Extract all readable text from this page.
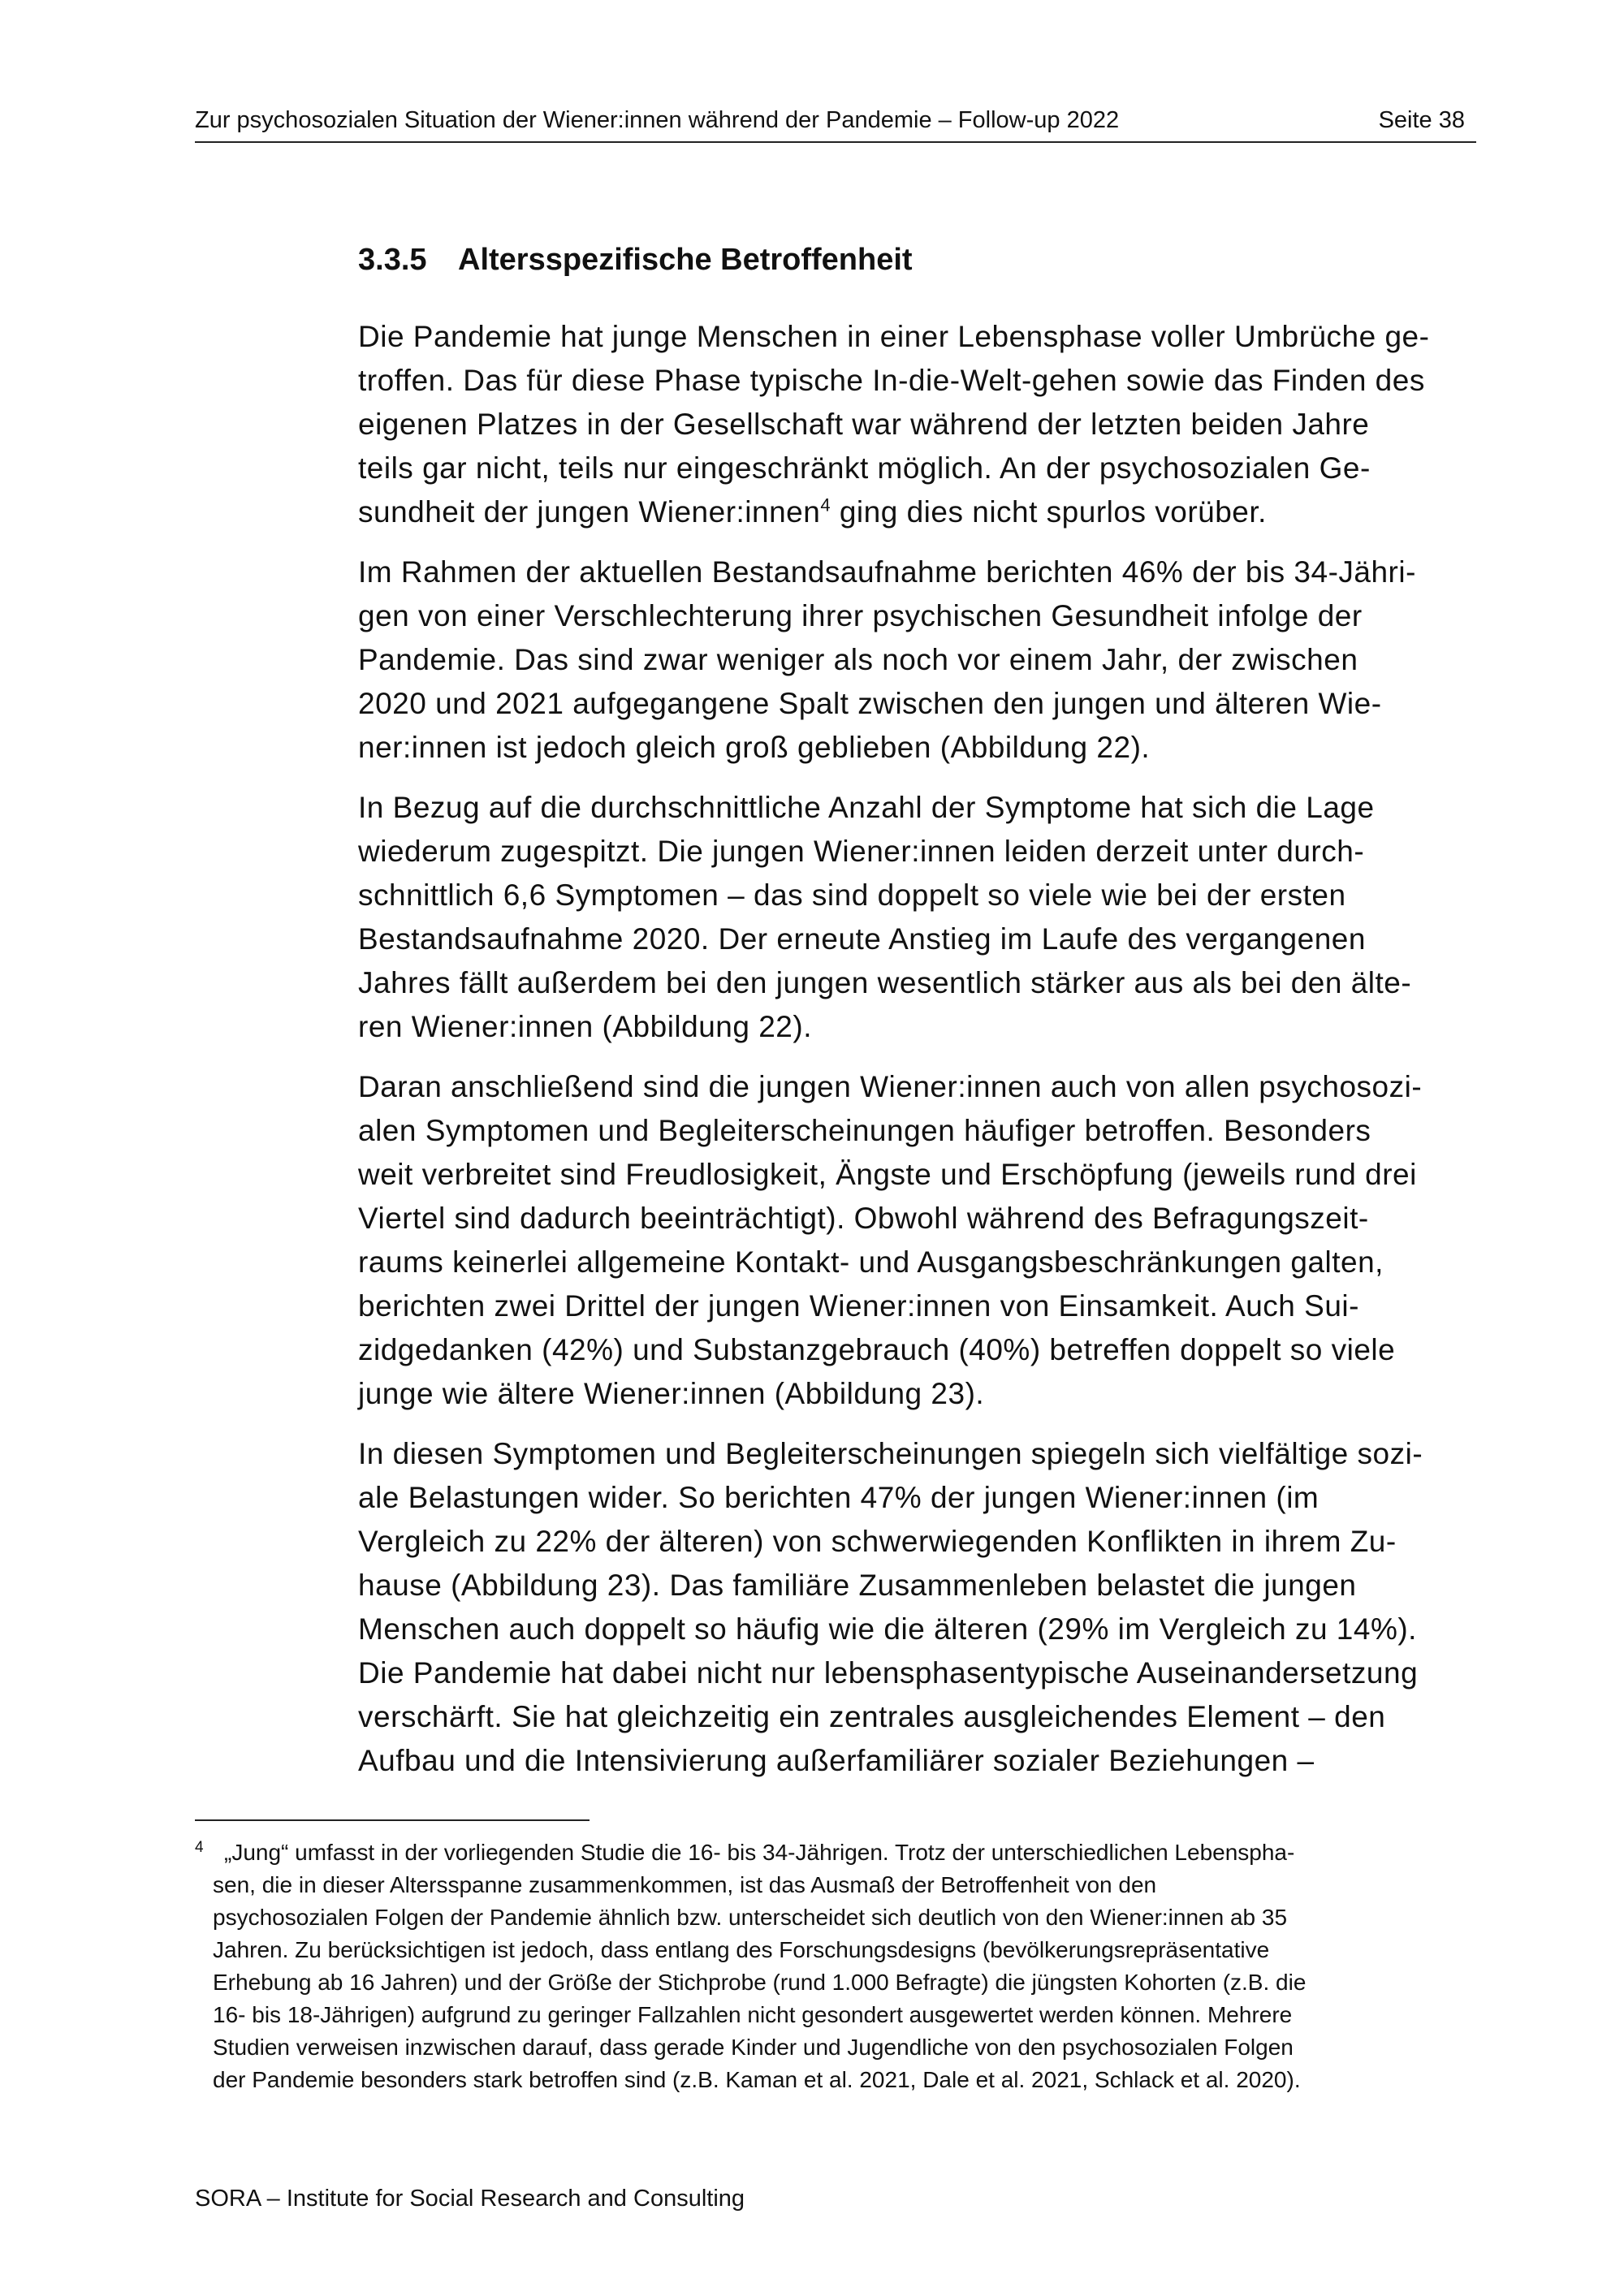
Zur psychosozialen Situation der Wiener:innen während der Pandemie – Follow-up 2022	Seite 38
3.3.5 Altersspezifische Betroffenheit

Die Pandemie hat junge Menschen in einer Lebensphase voller Umbrüche ge-
troffen. Das für diese Phase typische In-die-Welt-gehen sowie das Finden des
eigenen Platzes in der Gesellschaft war während der letzten beiden Jahre
teils gar nicht, teils nur eingeschränkt möglich. An der psychosozialen Ge-
sundheit der jungen Wiener:innen$^4$ ging dies nicht spurlos vorüber.

Im Rahmen der aktuellen Bestandsaufnahme berichten 46% der bis 34-Jähri-
gen von einer Verschlechterung ihrer psychischen Gesundheit infolge der
Pandemie. Das sind zwar weniger als noch vor einem Jahr, der zwischen
2020 und 2021 aufgegangene Spalt zwischen den jungen und älteren Wie-
ner:innen ist jedoch gleich groß geblieben (Abbildung 22).

In Bezug auf die durchschnittliche Anzahl der Symptome hat sich die Lage
wiederum zugespitzt. Die jungen Wiener:innen leiden derzeit unter durch-
schnittlich 6,6 Symptomen – das sind doppelt so viele wie bei der ersten
Bestandsaufnahme 2020. Der erneute Anstieg im Laufe des vergangenen
Jahres fällt außerdem bei den jungen wesentlich stärker aus als bei den älte-
ren Wiener:innen (Abbildung 22).

Daran anschließend sind die jungen Wiener:innen auch von allen psychosozi-
alen Symptomen und Begleiterscheinungen häufiger betroffen. Besonders
weit verbreitet sind Freudlosigkeit, Ängste und Erschöpfung (jeweils rund drei
Viertel sind dadurch beeinträchtigt). Obwohl während des Befragungszeit-
raums keinerlei allgemeine Kontakt- und Ausgangsbeschränkungen galten,
berichten zwei Drittel der jungen Wiener:innen von Einsamkeit. Auch Sui-
zidgedanken (42%) und Substanzgebrauch (40%) betreffen doppelt so viele
junge wie ältere Wiener:innen (Abbildung 23).

In diesen Symptomen und Begleiterscheinungen spiegeln sich vielfältige sozi-
ale Belastungen wider. So berichten 47% der jungen Wiener:innen (im
Vergleich zu 22% der älteren) von schwerwiegenden Konflikten in ihrem Zu-
hause (Abbildung 23). Das familiäre Zusammenleben belastet die jungen
Menschen auch doppelt so häufig wie die älteren (29% im Vergleich zu 14%).
Die Pandemie hat dabei nicht nur lebensphasentypische Auseinandersetzung
verschärft. Sie hat gleichzeitig ein zentrales ausgleichendes Element – den
Aufbau und die Intensivierung außerfamiliärer sozialer Beziehungen –

4 „Jung“ umfasst in der vorliegenden Studie die 16- bis 34-Jährigen. Trotz der unterschiedlichen Lebenspha-
sen, die in dieser Altersspanne zusammenkommen, ist das Ausmaß der Betroffenheit von den
psychosozialen Folgen der Pandemie ähnlich bzw. unterscheidet sich deutlich von den Wiener:innen ab 35
Jahren. Zu berücksichtigen ist jedoch, dass entlang des Forschungsdesigns (bevölkerungsrepräsentative
Erhebung ab 16 Jahren) und der Größe der Stichprobe (rund 1.000 Befragte) die jüngsten Kohorten (z.B. die
16- bis 18-Jährigen) aufgrund zu geringer Fallzahlen nicht gesondert ausgewertet werden können. Mehrere
Studien verweisen inzwischen darauf, dass gerade Kinder und Jugendliche von den psychosozialen Folgen
der Pandemie besonders stark betroffen sind (z.B. Kaman et al. 2021, Dale et al. 2021, Schlack et al. 2020).
SORA – Institute for Social Research and Consulting
